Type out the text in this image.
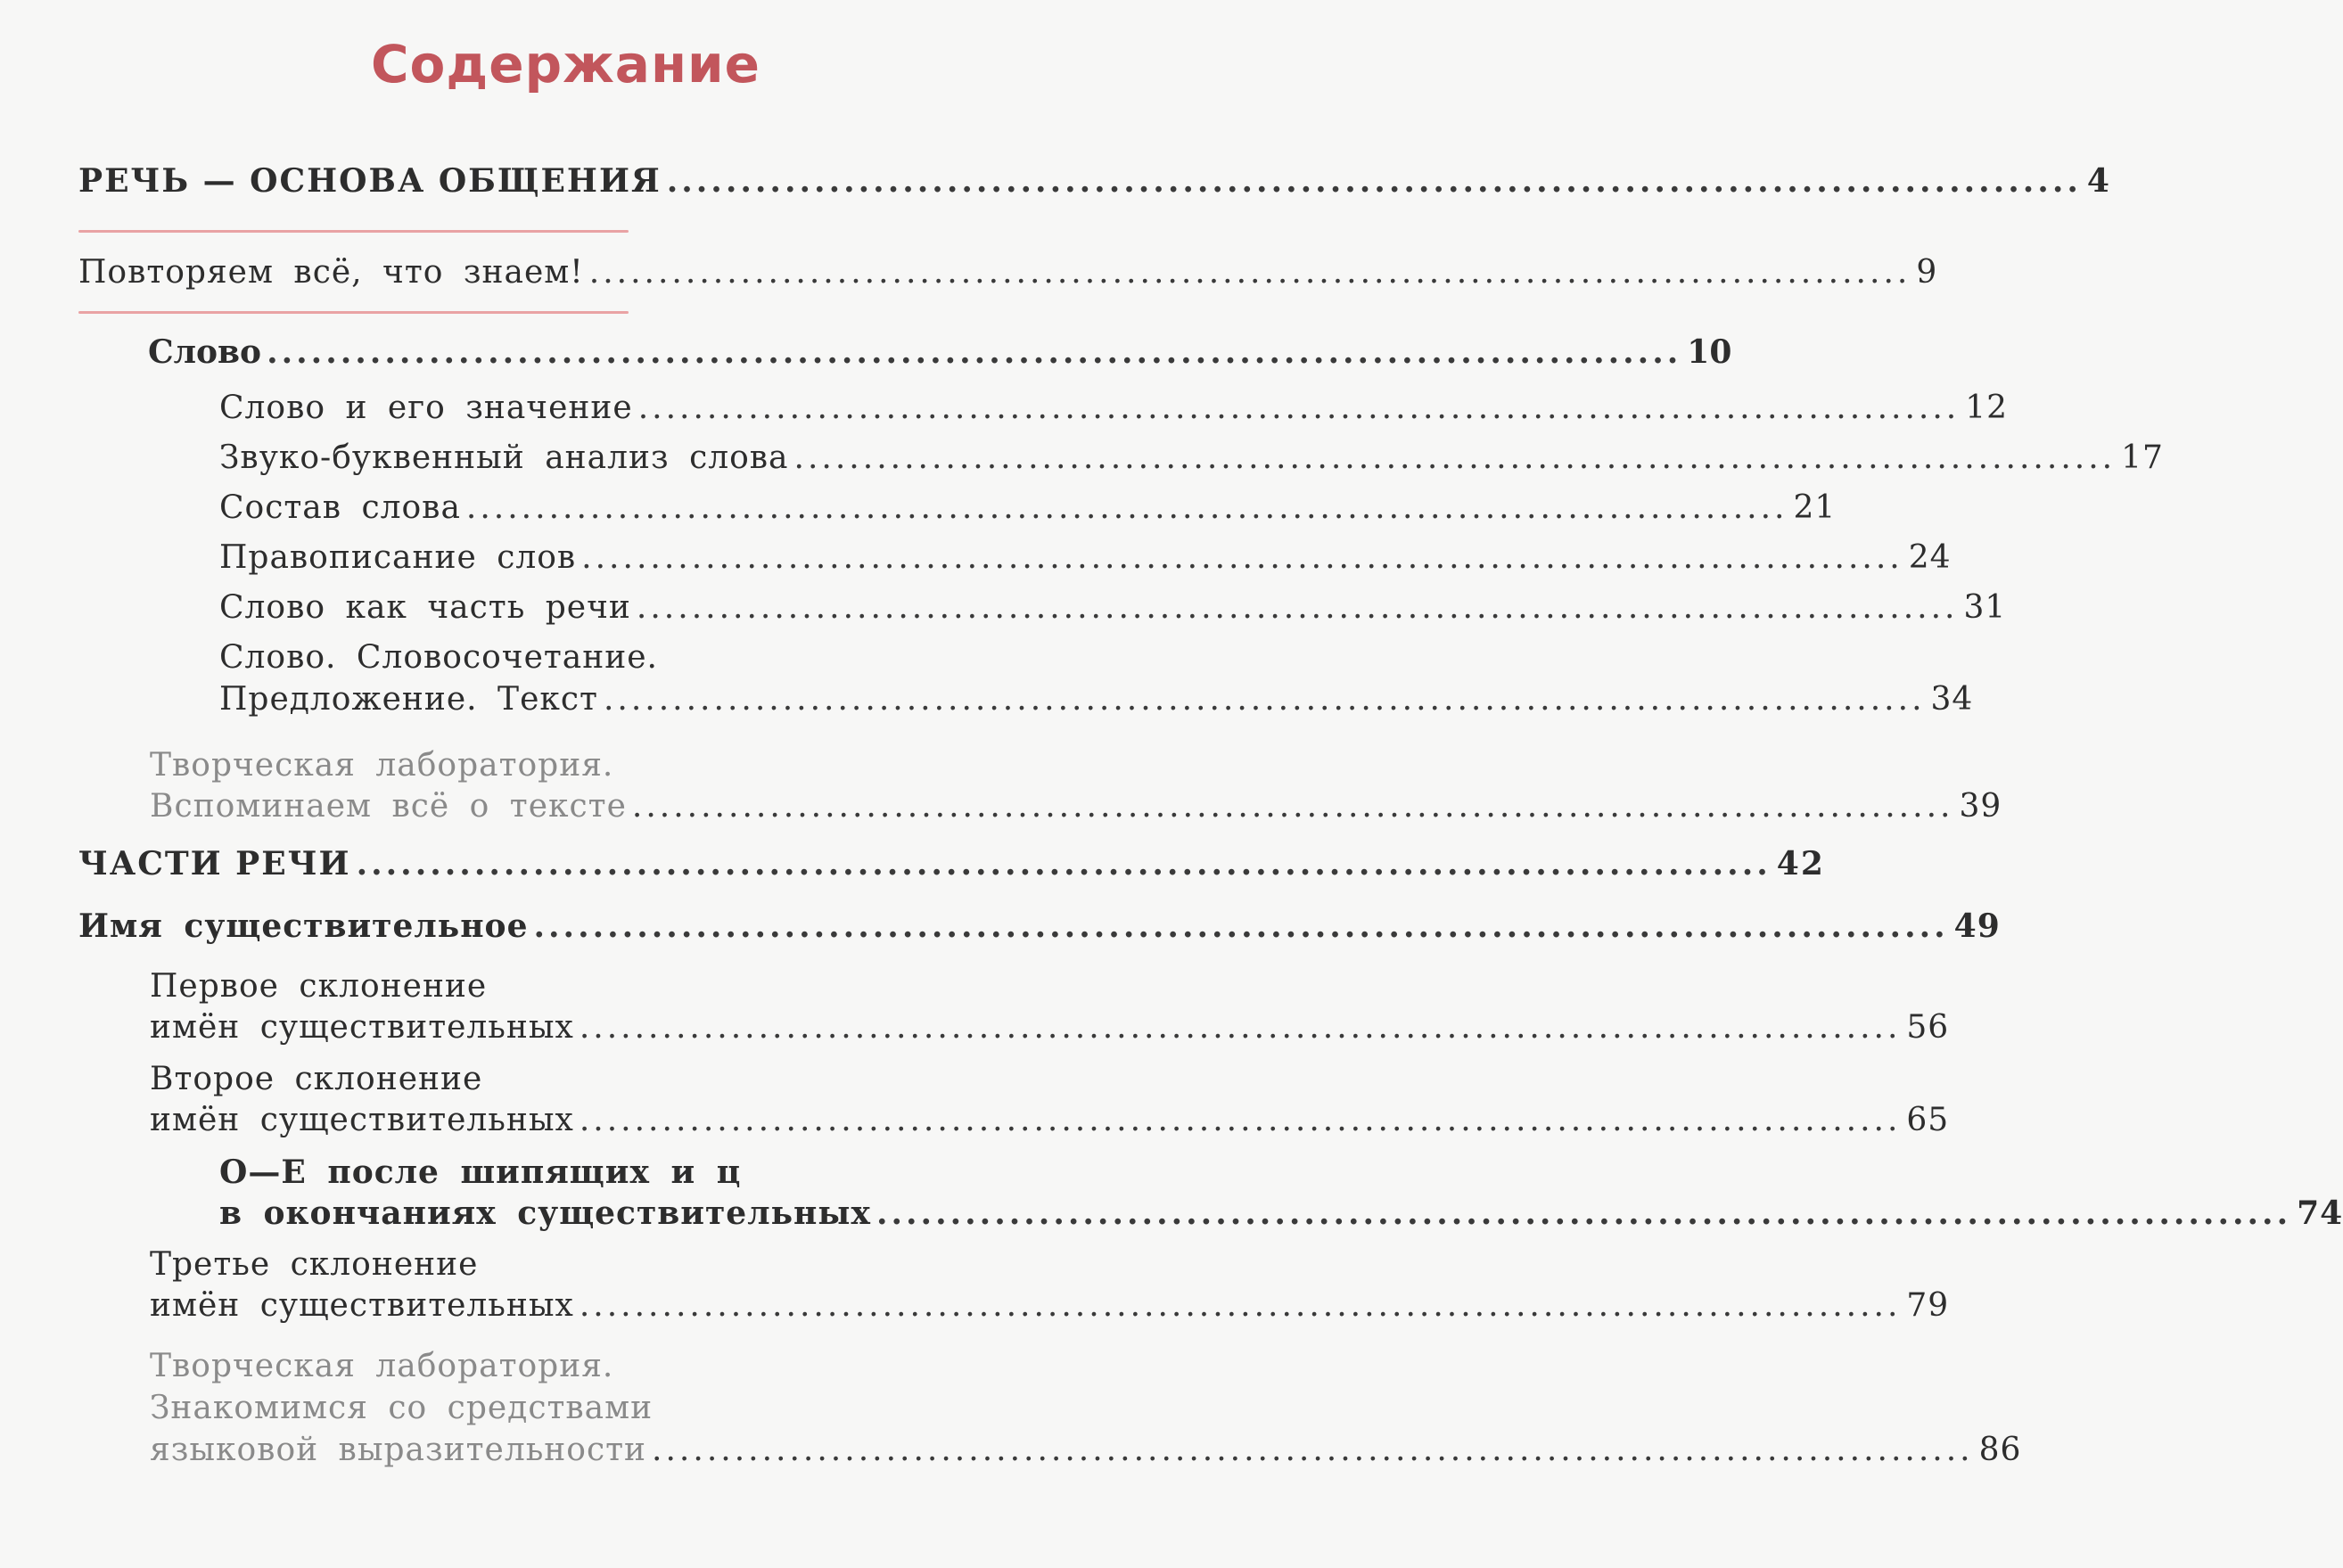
Содержание
РЕЧЬ — ОСНОВА ОБЩЕНИЯ ................................................................................................ 4
Повторяем всё, что знаем! ................................................................................................ 9
Слово ................................................................................................ 10
Слово и его значение ................................................................................................ 12
Звуко-буквенный анализ слова ................................................................................................ 17
Состав слова ................................................................................................ 21
Правописание слов ................................................................................................ 24
Слово как часть речи ................................................................................................ 31
Слово. Словосочетание.
Предложение. Текст ................................................................................................ 34
Творческая лаборатория.
Вспоминаем всё о тексте ................................................................................................ 39
ЧАСТИ РЕЧИ ................................................................................................ 42
Имя существительное ................................................................................................ 49
Первое склонение
имён существительных ................................................................................................ 56
Второе склонение
имён существительных ................................................................................................ 65
О—Е после шипящих и ц
в окончаниях существительных ................................................................................................ 74
Третье склонение
имён существительных ................................................................................................ 79
Творческая лаборатория.
Знакомимся со средствами
языковой выразительности ................................................................................................ 86
